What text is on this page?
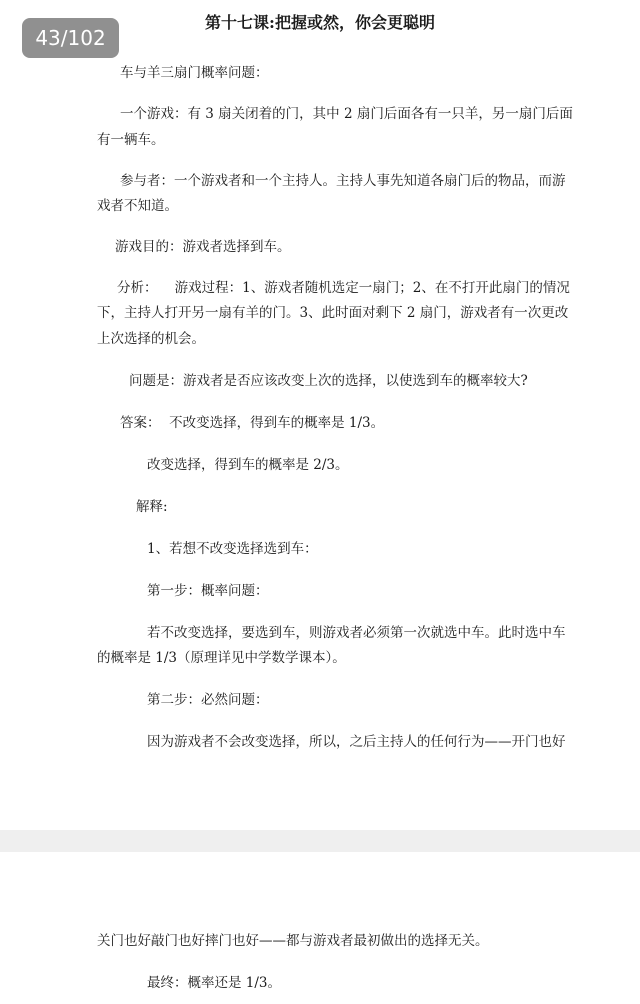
第十七课:把握或然，你会更聪明
车与羊三扇门概率问题：
一个游戏：有 3 扇关闭着的门，其中 2 扇门后面各有一只羊，另一扇门后面
有一辆车。
参与者：一个游戏者和一个主持人。主持人事先知道各扇门后的物品，而游
戏者不知道。
游戏目的：游戏者选择到车。
分析：    游戏过程：1、游戏者随机选定一扇门；2、在不打开此扇门的情况
下，主持人打开另一扇有羊的门。3、此时面对剩下 2 扇门，游戏者有一次更改
上次选择的机会。
问题是：游戏者是否应该改变上次的选择，以使选到车的概率较大?
答案：  不改变选择，得到车的概率是 1/3。
改变选择，得到车的概率是 2/3。
解释:
1、若想不改变选择选到车：
第一步：概率问题：
若不改变选择，要选到车，则游戏者必须第一次就选中车。此时选中车
的概率是 1/3（原理详见中学数学课本）。
第二步：必然问题：
因为游戏者不会改变选择，所以，之后主持人的任何行为——开门也好
关门也好敲门也好摔门也好——都与游戏者最初做出的选择无关。
最终：概率还是 1/3。
43/102
